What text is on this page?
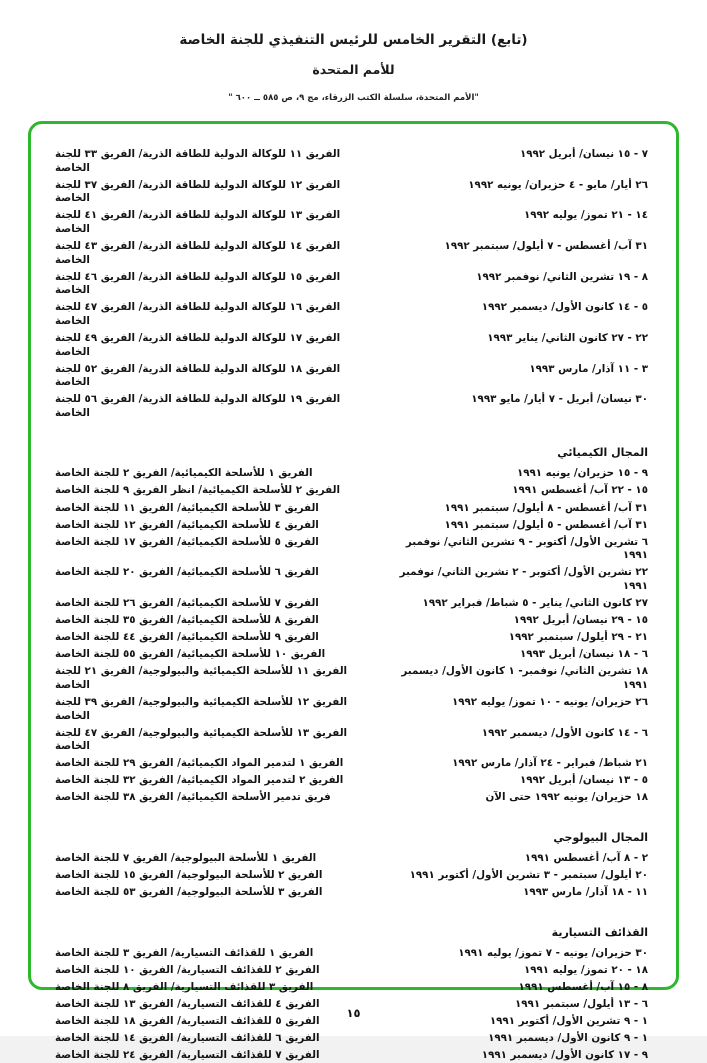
(تابع) التقرير الخامس للرئيس التنفيذي للجنة الخاصة
للأمم المتحدة
"الأمم المتحدة، سلسلة الكتب الزرقاء، مج ٩، ص ٥٨٥ ــ ٦٠٠ "
٧ - ١٥ نيسان/ أبريل ١٩٩٢
الفريق ١١ للوكالة الدولية للطاقة الذرية/ الفريق ٣٣ للجنة الخاصة
٢٦ أيار/ مايو - ٤ حزيران/ يونيه ١٩٩٢
الفريق ١٢ للوكالة الدولية للطاقة الذرية/ الفريق ٣٧ للجنة الخاصة
١٤ - ٢١ تموز/ يوليه ١٩٩٢
الفريق ١٣ للوكالة الدولية للطاقة الذرية/ الفريق ٤١ للجنة الخاصة
٣١ آب/ أغسطس - ٧ أيلول/ سبتمبر ١٩٩٢
الفريق ١٤ للوكالة الدولية للطاقة الذرية/ الفريق ٤٣ للجنة الخاصة
٨ - ١٩ تشرين الثاني/ نوفمبر ١٩٩٢
الفريق ١٥ للوكالة الدولية للطاقة الذرية/ الفريق ٤٦ للجنة الخاصة
٥ - ١٤ كانون الأول/ ديسمبر ١٩٩٢
الفريق ١٦ للوكالة الدولية للطاقة الذرية/ الفريق ٤٧ للجنة الخاصة
٢٢ - ٢٧ كانون الثاني/ يناير ١٩٩٣
الفريق ١٧ للوكالة الدولية للطاقة الذرية/ الفريق ٤٩ للجنة الخاصة
٣ - ١١ آذار/ مارس ١٩٩٣
الفريق ١٨ للوكالة الدولية للطاقة الذرية/ الفريق ٥٢ للجنة الخاصة
٣٠ نيسان/ أبريل - ٧ أيار/ مايو ١٩٩٣
الفريق ١٩ للوكالة الدولية للطاقة الذرية/ الفريق ٥٦ للجنة الخاصة
المجال الكيميائي
٩ - ١٥ حزيران/ يونيه ١٩٩١
الفريق ١ للأسلحة الكيميائية/ الفريق ٢ للجنة الخاصة
١٥ - ٢٢ آب/ أغسطس ١٩٩١
الفريق ٢ للأسلحة الكيميائية/ انظر الفريق ٩ للجنة الخاصة
٣١ آب/ أغسطس - ٨ أيلول/ سبتمبر ١٩٩١
الفريق ٣ للأسلحة الكيميائية/ الفريق ١١ للجنة الخاصة
٣١ آب/ أغسطس - ٥ أيلول/ سبتمبر ١٩٩١
الفريق ٤ للأسلحة الكيميائية/ الفريق ١٢ للجنة الخاصة
٦ تشرين الأول/ أكتوبر - ٩ تشرين الثاني/ نوفمبر ١٩٩١
الفريق ٥ للأسلحة الكيميائية/ الفريق ١٧ للجنة الخاصة
٢٢ تشرين الأول/ أكتوبر - ٢ تشرين الثاني/ نوفمبر ١٩٩١
الفريق ٦ للأسلحة الكيميائية/ الفريق ٢٠ للجنة الخاصة
٢٧ كانون الثاني/ يناير - ٥ شباط/ فبراير ١٩٩٢
الفريق ٧ للأسلحة الكيميائية/ الفريق ٢٦ للجنة الخاصة
١٥ - ٢٩ نيسان/ أبريل ١٩٩٢
الفريق ٨ للأسلحة الكيميائية/ الفريق ٣٥ للجنة الخاصة
٢١ - ٢٩ أيلول/ سبتمبر ١٩٩٢
الفريق ٩ للأسلحة الكيميائية/ الفريق ٤٤ للجنة الخاصة
٦ - ١٨ نيسان/ أبريل ١٩٩٣
الفريق ١٠ للأسلحة الكيميائية/ الفريق ٥٥ للجنة الخاصة
١٨ تشرين الثاني/ نوفمبر- ١ كانون الأول/ ديسمبر ١٩٩١
الفريق ١١ للأسلحة الكيميائية والبيولوجية/ الفريق ٢١ للجنة الخاصة
٢٦ حزيران/ يونيه - ١٠ تموز/ يوليه ١٩٩٢
الفريق ١٢ للأسلحة الكيميائية والبيولوجية/ الفريق ٣٩ للجنة الخاصة
٦ - ١٤ كانون الأول/ ديسمبر ١٩٩٢
الفريق ١٣ للأسلحة الكيميائية والبيولوجية/ الفريق ٤٧ للجنة الخاصة
٢١ شباط/ فبراير - ٢٤ آذار/ مارس ١٩٩٢
الفريق ١ لتدمير المواد الكيميائية/ الفريق ٢٩ للجنة الخاصة
٥ - ١٣ نيسان/ أبريل ١٩٩٢
الفريق ٢ لتدمير المواد الكيميائية/ الفريق ٣٢ للجنة الخاصة
١٨ حزيران/ يونيه ١٩٩٢ حتى الآن
فريق تدمير الأسلحة الكيميائية/ الفريق ٣٨ للجنة الخاصة
المجال البيولوجي
٢ - ٨ آب/ أغسطس ١٩٩١
الفريق ١ للأسلحة البيولوجية/ الفريق ٧ للجنة الخاصة
٢٠ أيلول/ سبتمبر - ٣ تشرين الأول/ أكتوبر ١٩٩١
الفريق ٢ للأسلحة البيولوجية/ الفريق ١٥ للجنة الخاصة
١١ - ١٨ آذار/ مارس ١٩٩٣
الفريق ٣ للأسلحة البيولوجية/ الفريق ٥٣ للجنة الخاصة
القذائف التسيارية
٣٠ حزيران/ يونيه - ٧ تموز/ يوليه ١٩٩١
الفريق ١ للقذائف التسيارية/ الفريق ٣ للجنة الخاصة
١٨ - ٢٠ تموز/ يوليه ١٩٩١
الفريق ٢ للقذائف التسيارية/ الفريق ١٠ للجنة الخاصة
٨ - ١٥ آب/ أغسطس ١٩٩١
الفريق ٣ للقذائف التسيارية/ الفريق ٨ للجنة الخاصة
٦ - ١٣ أيلول/ سبتمبر ١٩٩١
الفريق ٤ للقذائف التسيارية/ الفريق ١٣ للجنة الخاصة
١ - ٩ تشرين الأول/ أكتوبر ١٩٩١
الفريق ٥ للقذائف التسيارية/ الفريق ١٨ للجنة الخاصة
١ - ٩ كانون الأول/ ديسمبر ١٩٩١
الفريق ٦ للقذائف التسيارية/ الفريق ١٤ للجنة الخاصة
٩ - ١٧ كانون الأول/ ديسمبر ١٩٩١
الفريق ٧ للقذائف التسيارية/ الفريق ٢٤ للجنة الخاصة
١٥
